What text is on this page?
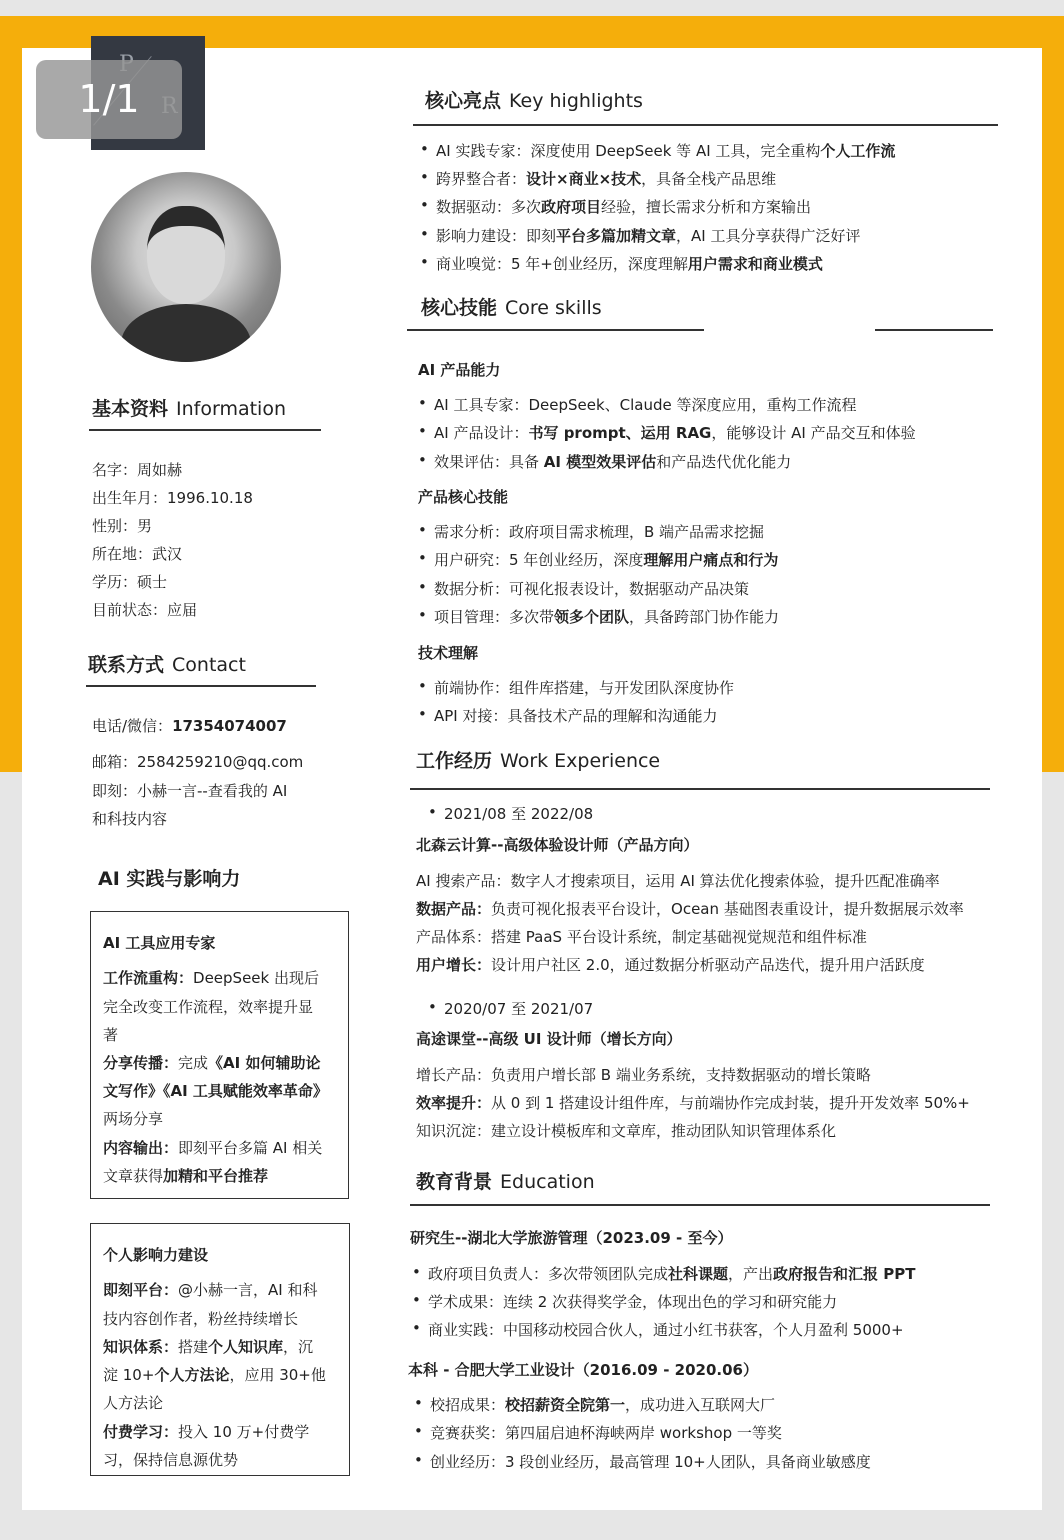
1/1
基本资料 Information
名字：周如赫
出生年月：1996.10.18
性别：男
所在地：武汉
学历：硕士
目前状态：应届
联系方式 Contact
电话/微信：17354074007
邮箱：2584259210@qq.com
即刻：小赫一言--查看我的 AI
和科技内容
AI 实践与影响力
AI 工具应用专家
工作流重构：DeepSeek 出现后
完全改变工作流程，效率提升显
著
分享传播：完成《AI 如何辅助论
文写作》《AI 工具赋能效率革命》
两场分享
内容输出：即刻平台多篇 AI 相关
文章获得加精和平台推荐
个人影响力建设
即刻平台：@小赫一言，AI 和科
技内容创作者，粉丝持续增长
知识体系：搭建个人知识库，沉
淀 10+个人方法论，应用 30+他
人方法论
付费学习：投入 10 万+付费学
习，保持信息源优势
核心亮点 Key highlights
• AI 实践专家：深度使用 DeepSeek 等 AI 工具，完全重构个人工作流
• 跨界整合者：设计×商业×技术，具备全栈产品思维
• 数据驱动：多次政府项目经验，擅长需求分析和方案输出
• 影响力建设：即刻平台多篇加精文章，AI 工具分享获得广泛好评
• 商业嗅觉：5 年+创业经历，深度理解用户需求和商业模式
核心技能 Core skills
AI 产品能力
• AI 工具专家：DeepSeek、Claude 等深度应用，重构工作流程
• AI 产品设计：书写 prompt、运用 RAG，能够设计 AI 产品交互和体验
• 效果评估：具备 AI 模型效果评估和产品迭代优化能力
产品核心技能
• 需求分析：政府项目需求梳理，B 端产品需求挖掘
• 用户研究：5 年创业经历，深度理解用户痛点和行为
• 数据分析：可视化报表设计，数据驱动产品决策
• 项目管理：多次带领多个团队，具备跨部门协作能力
技术理解
• 前端协作：组件库搭建，与开发团队深度协作
• API 对接：具备技术产品的理解和沟通能力
工作经历 Work Experience
• 2021/08 至 2022/08
北森云计算--高级体验设计师（产品方向）
AI 搜索产品：数字人才搜索项目，运用 AI 算法优化搜索体验，提升匹配准确率
数据产品：负责可视化报表平台设计，Ocean 基础图表重设计，提升数据展示效率
产品体系：搭建 PaaS 平台设计系统，制定基础视觉规范和组件标准
用户增长：设计用户社区 2.0，通过数据分析驱动产品迭代，提升用户活跃度
• 2020/07 至 2021/07
高途课堂--高级 UI 设计师（增长方向）
增长产品：负责用户增长部 B 端业务系统，支持数据驱动的增长策略
效率提升：从 0 到 1 搭建设计组件库，与前端协作完成封装，提升开发效率 50%+
知识沉淀：建立设计模板库和文章库，推动团队知识管理体系化
教育背景 Education
研究生--湖北大学旅游管理（2023.09 - 至今）
• 政府项目负责人：多次带领团队完成社科课题，产出政府报告和汇报 PPT
• 学术成果：连续 2 次获得奖学金，体现出色的学习和研究能力
• 商业实践：中国移动校园合伙人，通过小红书获客，个人月盈利 5000+
本科 - 合肥大学工业设计（2016.09 - 2020.06）
• 校招成果：校招薪资全院第一，成功进入互联网大厂
• 竞赛获奖：第四届启迪杯海峡两岸 workshop 一等奖
• 创业经历：3 段创业经历，最高管理 10+人团队，具备商业敏感度
